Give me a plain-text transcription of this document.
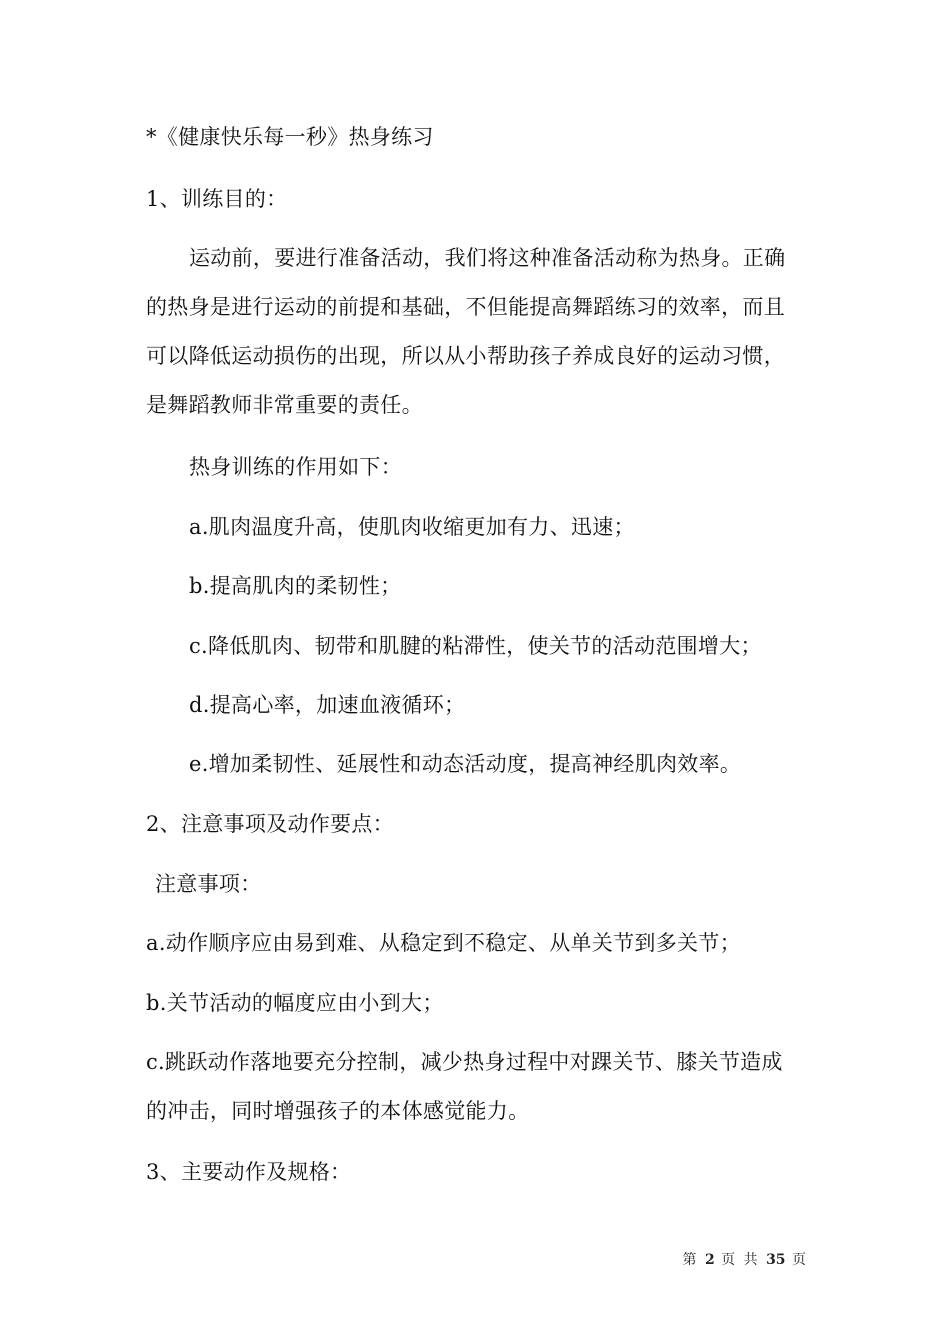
*《健康快乐每一秒》热身练习
1、训练目的：
运动前，要进行准备活动，我们将这种准备活动称为热身。正确
的热身是进行运动的前提和基础，不但能提高舞蹈练习的效率，而且
可以降低运动损伤的出现，所以从小帮助孩子养成良好的运动习惯，
是舞蹈教师非常重要的责任。
热身训练的作用如下：
a.肌肉温度升高，使肌肉收缩更加有力、迅速；
b.提高肌肉的柔韧性；
c.降低肌肉、韧带和肌腱的粘滞性，使关节的活动范围增大；
d.提高心率，加速血液循环；
e.增加柔韧性、延展性和动态活动度，提高神经肌肉效率。
2、注意事项及动作要点：
注意事项：
a.动作顺序应由易到难、从稳定到不稳定、从单关节到多关节；
b.关节活动的幅度应由小到大；
c.跳跃动作落地要充分控制，减少热身过程中对踝关节、膝关节造成
的冲击，同时增强孩子的本体感觉能力。
3、主要动作及规格：
第 2 页 共 35 页
